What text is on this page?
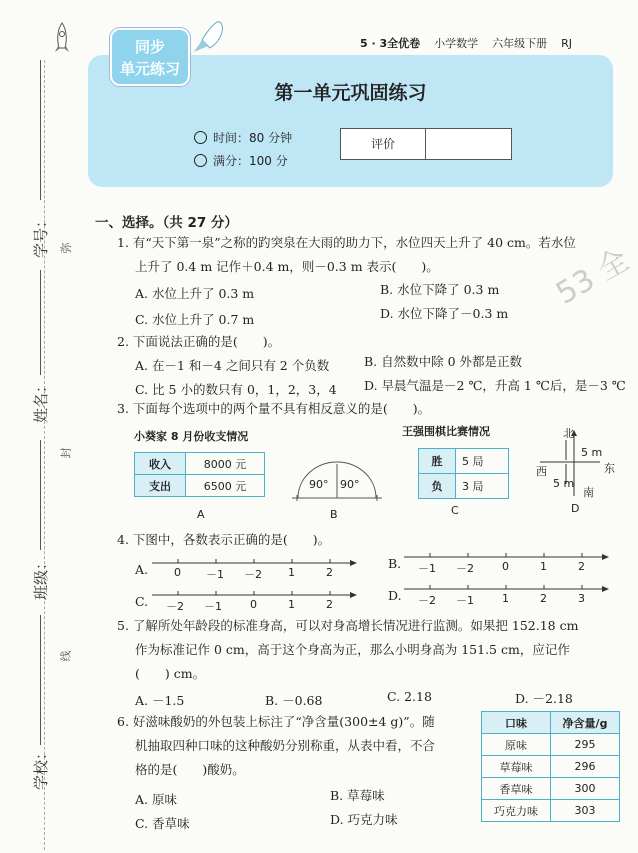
学号：
姓名：
班级：
学校：
弥
封
线
同步
单元练习
5 · 3全优卷 小学数学 六年级下册 RJ
第一单元巩固练习
时间：80 分钟
满分：100 分
评价
53 全
一、选择。（共 27 分）
1. 有“天下第一泉”之称的趵突泉在大雨的助力下，水位四天上升了 40 cm。若水位
上升了 0.4 m 记作＋0.4 m，则－0.3 m 表示(　　)。
A. 水位上升了 0.3 m	B. 水位下降了 0.3 m
C. 水位上升了 0.7 m	D. 水位下降了－0.3 m
2. 下面说法正确的是(　　)。
A. 在－1 和－4 之间只有 2 个负数	B. 自然数中除 0 外都是正数
C. 比 5 小的数只有 0，1，2，3，4 D. 早晨气温是－2 ℃，升高 1 ℃后，是－3 ℃
3. 下面每个选项中的两个量不具有相反意义的是(　　)。
小葵家 8 月份收支情况
收入	8000 元
支出	6500 元
A
90° 90°
B
王强围棋比赛情况
胜	5 局
负	3 局
C
北
西	东
南
5 m
5 m
D
4. 下图中，各数表示正确的是(　　)。
A. 0 －1 －2 1	2
B. －1 －2	0	1	2
C. －2 －1	0	1	2
D. －2 －1	1	2	3
5. 了解所处年龄段的标准身高，可以对身高增长情况进行监测。如果把 152.18 cm
作为标准记作 0 cm，高于这个身高为正，那么小明身高为 151.5 cm，应记作
(　　) cm。
A. －1.5	B. －0.68	C. 2.18	D. －2.18
6. 好滋味酸奶的外包装上标注了“净含量(300±4 g)”。随
机抽取四种口味的这种酸奶分别称重，从表中看，不合
格的是(　　)酸奶。
A. 原味	B. 草莓味
C. 香草味	D. 巧克力味
口味	净含量/g
原味	295
草莓味	296
香草味	300
巧克力味	303
